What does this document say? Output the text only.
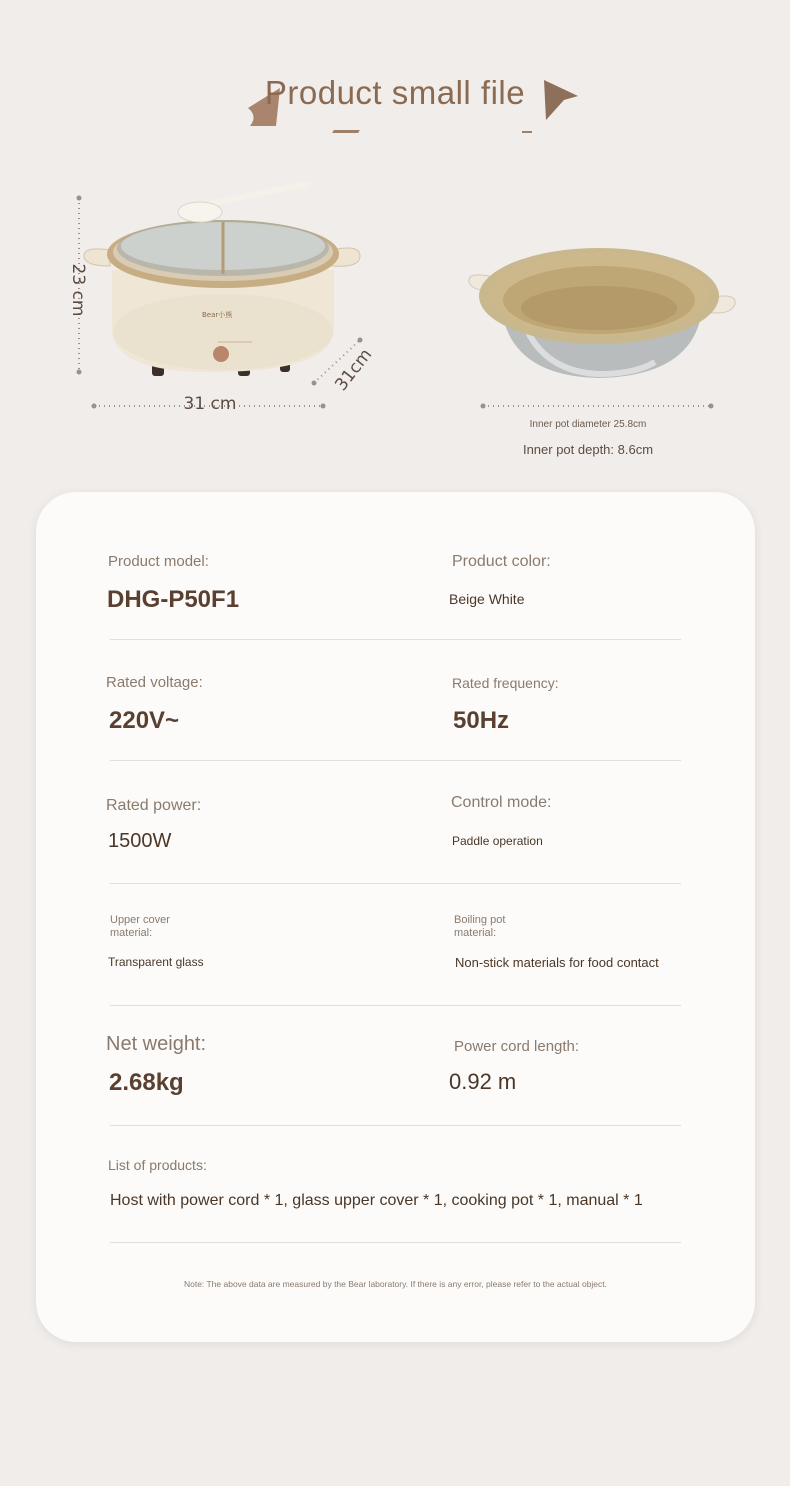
Product small file
Bear小熊
23 cm
31 cm
31cm
Inner pot diameter 25.8cm
Inner pot depth: 8.6cm
Product model:
DHG-P50F1
Product color:
Beige White
Rated voltage:
220V~
Rated frequency:
50Hz
Rated power:
1500W
Control mode:
Paddle operation
Upper cover
material:
Transparent glass
Boiling pot
material:
Non-stick materials for food contact
Net weight:
2.68kg
Power cord length:
0.92 m
List of products:
Host with power cord * 1, glass upper cover * 1, cooking pot * 1, manual * 1
Note: The above data are measured by the Bear laboratory. If there is any error, please refer to the actual object.
